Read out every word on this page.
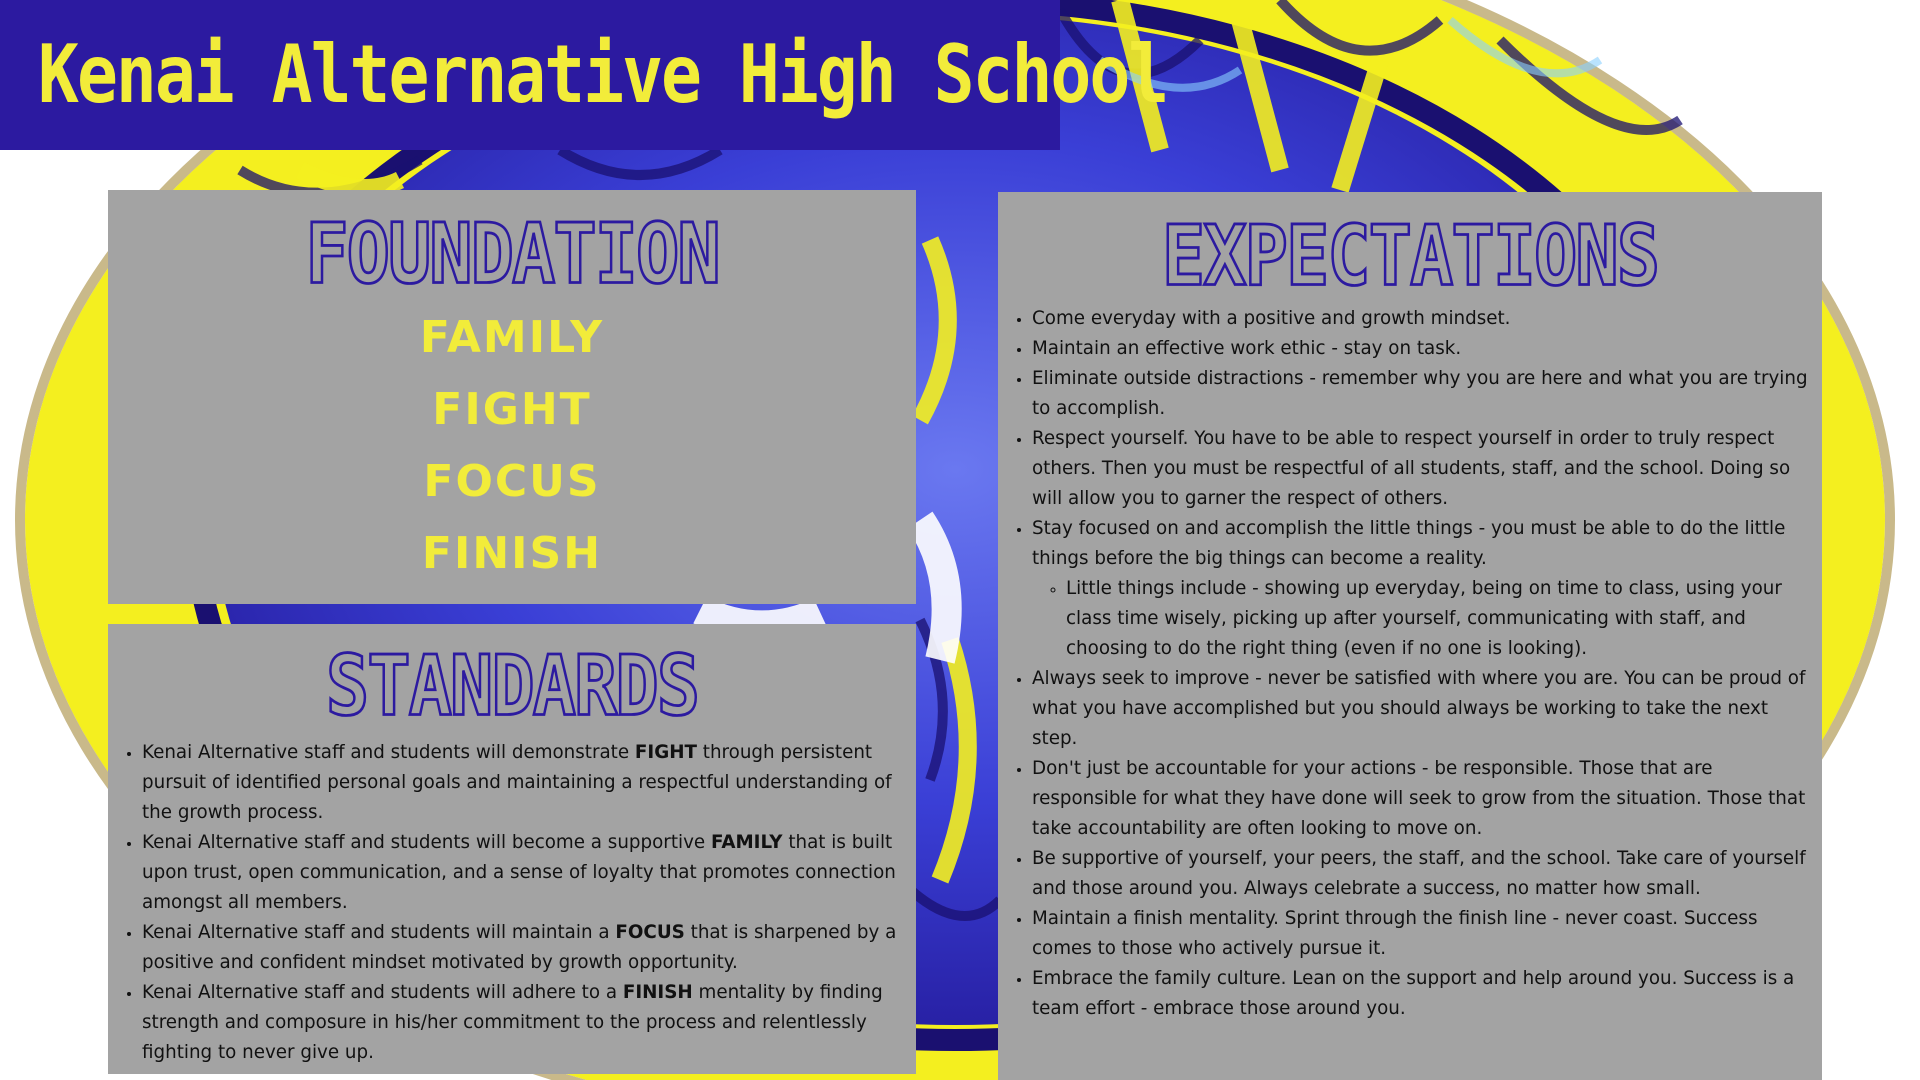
Kenai Alternative High School
FOUNDATION
FAMILY
FIGHT
FOCUS
FINISH
STANDARDS
• Kenai Alternative staff and students will demonstrate FIGHT through persistent pursuit of identified personal goals and maintaining a respectful understanding of the growth process.
• Kenai Alternative staff and students will become a supportive FAMILY that is built upon trust, open communication, and a sense of loyalty that promotes connection amongst all members.
• Kenai Alternative staff and students will maintain a FOCUS that is sharpened by a positive and confident mindset motivated by growth opportunity.
• Kenai Alternative staff and students will adhere to a FINISH mentality by finding strength and composure in his/her commitment to the process and relentlessly fighting to never give up.
EXPECTATIONS
• Come everyday with a positive and growth mindset.
• Maintain an effective work ethic - stay on task.
• Eliminate outside distractions - remember why you are here and what you are trying to accomplish.
• Respect yourself. You have to be able to respect yourself in order to truly respect others. Then you must be respectful of all students, staff, and the school. Doing so will allow you to garner the respect of others.
• Stay focused on and accomplish the little things - you must be able to do the little things before the big things can become a reality.
◦ Little things include - showing up everyday, being on time to class, using your class time wisely, picking up after yourself, communicating with staff, and choosing to do the right thing (even if no one is looking).
• Always seek to improve - never be satisfied with where you are. You can be proud of what you have accomplished but you should always be working to take the next step.
• Don't just be accountable for your actions - be responsible. Those that are responsible for what they have done will seek to grow from the situation. Those that take accountability are often looking to move on.
• Be supportive of yourself, your peers, the staff, and the school. Take care of yourself and those around you. Always celebrate a success, no matter how small.
• Maintain a finish mentality. Sprint through the finish line - never coast. Success comes to those who actively pursue it.
• Embrace the family culture. Lean on the support and help around you. Success is a team effort - embrace those around you.
